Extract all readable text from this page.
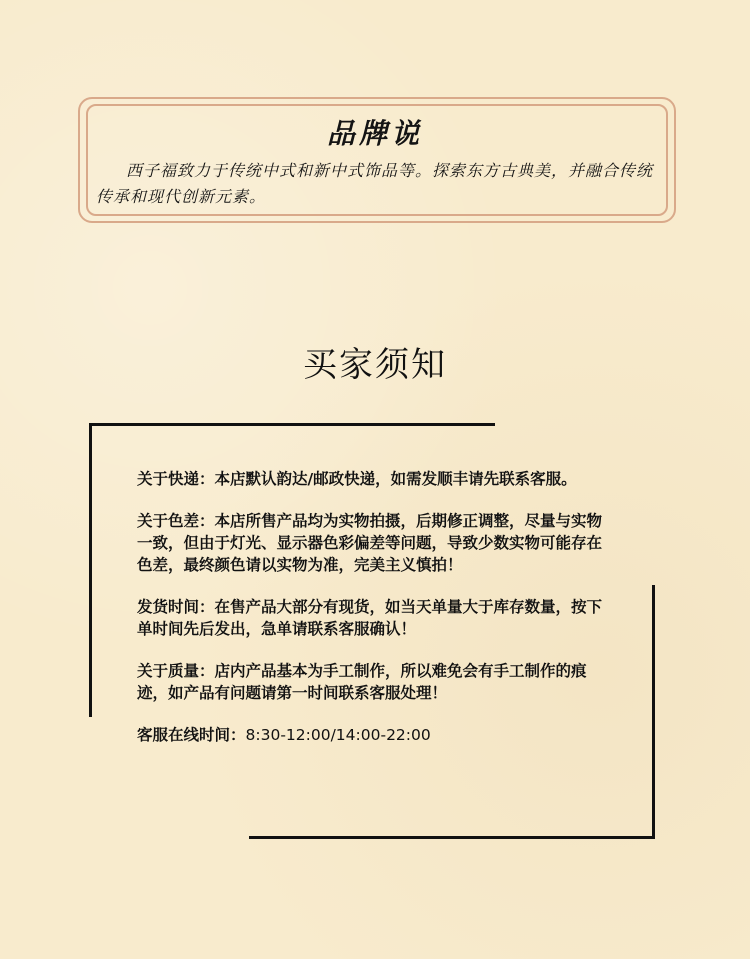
品牌说
西子福致力于传统中式和新中式饰品等。探索东方古典美，并融合传统传承和现代创新元素。
买家须知

关于快递：本店默认韵达/邮政快递，如需发顺丰请先联系客服。

关于色差：本店所售产品均为实物拍摄，后期修正调整，尽量与实物一致，但由于灯光、显示器色彩偏差等问题，导致少数实物可能存在色差，最终颜色请以实物为准，完美主义慎拍！

发货时间：在售产品大部分有现货，如当天单量大于库存数量，按下单时间先后发出，急单请联系客服确认！

关于质量：店内产品基本为手工制作，所以难免会有手工制作的痕迹，如产品有问题请第一时间联系客服处理！

客服在线时间：8:30-12:00/14:00-22:00
